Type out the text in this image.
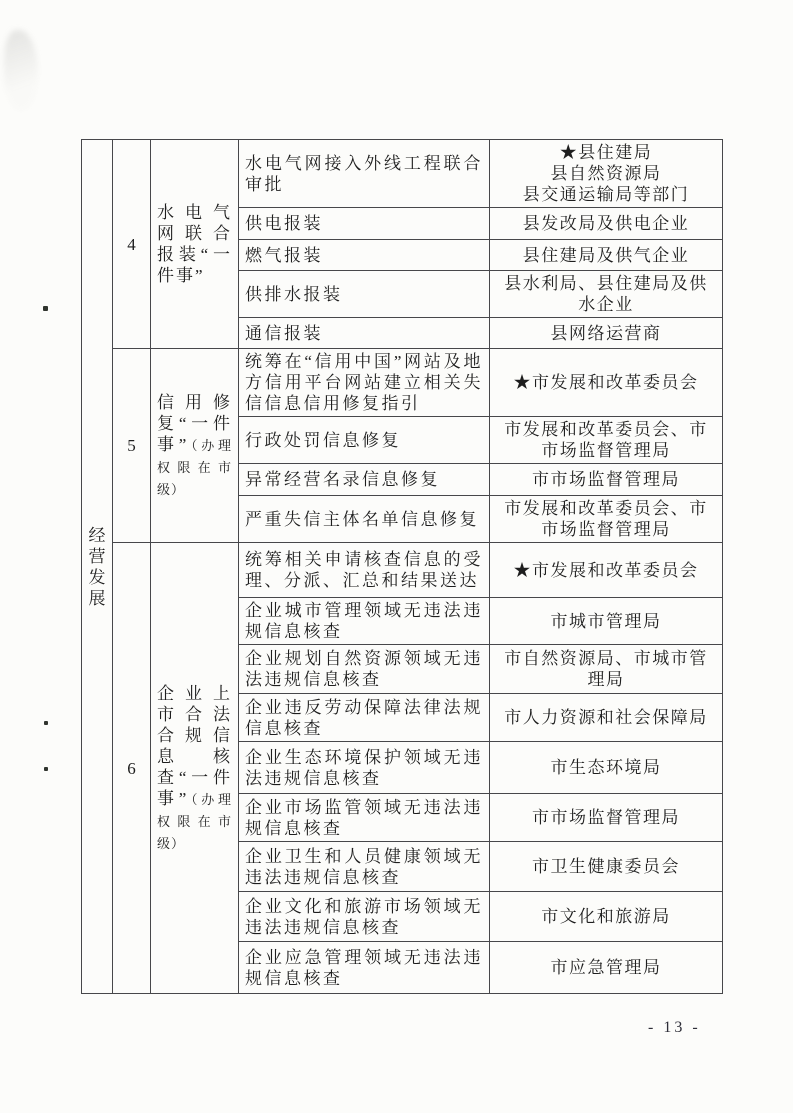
经营发展	4	水电气网联合报装“一件事”	水电气网接入外线工程联合审批	★县住建局
县自然资源局
县交通运输局等部门
			供电报装	县发改局及供电企业
			燃气报装	县住建局及供气企业
			供排水报装	县水利局、县住建局及供水企业
			通信报装	县网络运营商
	5	信用修复“一件事”（办理权限在市级）	统筹在“信用中国”网站及地方信用平台网站建立相关失信信息信用修复指引	★市发展和改革委员会
			行政处罚信息修复	市发展和改革委员会、市市场监督管理局
			异常经营名录信息修复	市市场监督管理局
			严重失信主体名单信息修复	市发展和改革委员会、市市场监督管理局
	6	企业上市合法合规信息核查“一件事”（办理权限在市级）	统筹相关申请核查信息的受理、分派、汇总和结果送达	★市发展和改革委员会
			企业城市管理领域无违法违规信息核查	市城市管理局
			企业规划自然资源领域无违法违规信息核查	市自然资源局、市城市管理局
			企业违反劳动保障法律法规信息核查	市人力资源和社会保障局
			企业生态环境保护领域无违法违规信息核查	市生态环境局
			企业市场监管领域无违法违规信息核查	市市场监督管理局
			企业卫生和人员健康领域无违法违规信息核查	市卫生健康委员会
			企业文化和旅游市场领域无违法违规信息核查	市文化和旅游局
			企业应急管理领域无违法违规信息核查	市应急管理局
- 13 -
